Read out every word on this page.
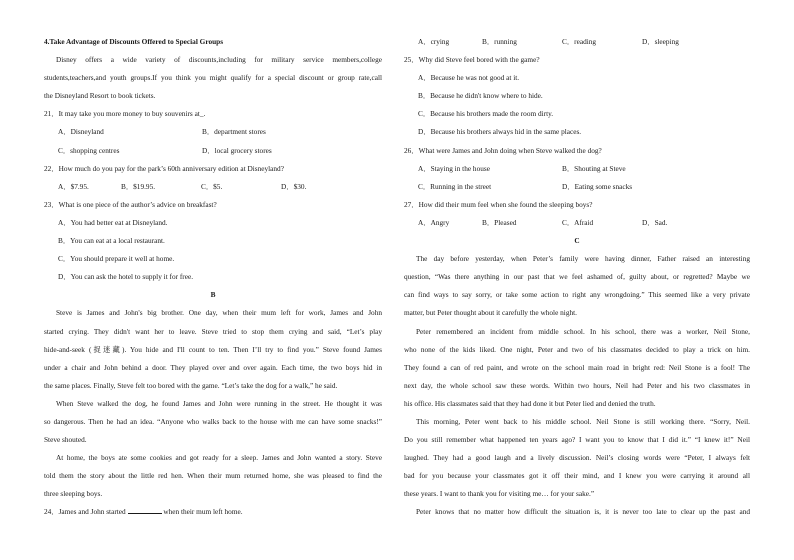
4.Take Advantage of Discounts Offered to Special Groups
Disney offers a wide variety of discounts,including for military service members,college
students,teachers,and youth groups.If you think you might qualify for a special discount or group rate,call
the Disneyland Resort to book tickets.
21．It may take you more money to buy souvenirs at_.
A．Disneyland	B．department stores
C．shopping centres	D．local grocery stores
22．How much do you pay for the park’s 60th anniversary edition at Disneyland?
A．$7.95.	B．$19.95.	C．$5.	D．$30.
23．What is one piece of the author’s advice on breakfast?
A．You had better eat at Disneyland.
B．You can eat at a local restaurant.
C．You should prepare it well at home.
D．You can ask the hotel to supply it for free.
B
Steve is James and John's big brother. One day, when their mum left for work, James and John
started crying. They didn't want her to leave. Steve tried to stop them crying and said, “Let’s play
hide-and-seek (捉迷藏). You hide and I'll count to ten. Then I’ll try to find you.” Steve found James
under a chair and John behind a door. They played over and over again. Each time, the two boys hid in
the same places. Finally, Steve felt too bored with the game. “Let’s take the dog for a walk,” he said.
When Steve walked the dog, he found James and John were running in the street. He thought it was
so dangerous. Then he had an idea. “Anyone who walks back to the house with me can have some snacks!”
Steve shouted.
At home, the boys ate some cookies and got ready for a sleep. James and John wanted a story. Steve
told them the story about the little red hen. When their mum returned home, she was pleased to find the
three sleeping boys.
24．James and John started	when their mum left home.
A．crying	B．running	C．reading	D．sleeping
25．Why did Steve feel bored with the game?
A．Because he was not good at it.
B．Because he didn't know where to hide.
C．Because his brothers made the room dirty.
D．Because his brothers always hid in the same places.
26．What were James and John doing when Steve walked the dog?
A．Staying in the house	B．Shouting at Steve
C．Running in the street	D．Eating some snacks
27．How did their mum feel when she found the sleeping boys?
A．Angry	B．Pleased	C．Afraid	D．Sad.
C
The day before yesterday, when Peter’s family were having dinner, Father raised an interesting
question, “Was there anything in our past that we feel ashamed of, guilty about, or regretted? Maybe we
can find ways to say sorry, or take some action to right any wrongdoing.” This seemed like a very private
matter, but Peter thought about it carefully the whole night.
Peter remembered an incident from middle school. In his school, there was a worker, Neil Stone,
who none of the kids liked. One night, Peter and two of his classmates decided to play a trick on him.
They found a can of red paint, and wrote on the school main road in bright red: Neil Stone is a fool! The
next day, the whole school saw these words. Within two hours, Neil had Peter and his two classmates in
his office. His classmates said that they had done it but Peter lied and denied the truth.
This morning, Peter went back to his middle school. Neil Stone is still working there. “Sorry, Neil.
Do you still remember what happened ten years ago? I want you to know that I did it.” “I knew it!” Neil
laughed. They had a good laugh and a lively discussion. Neil’s closing words were “Peter, I always felt
bad for you because your classmates got it off their mind, and I knew you were carrying it around all
these years. I want to thank you for visiting me… for your sake.”
Peter knows that no matter how difficult the situation is, it is never too late to clear up the past and
